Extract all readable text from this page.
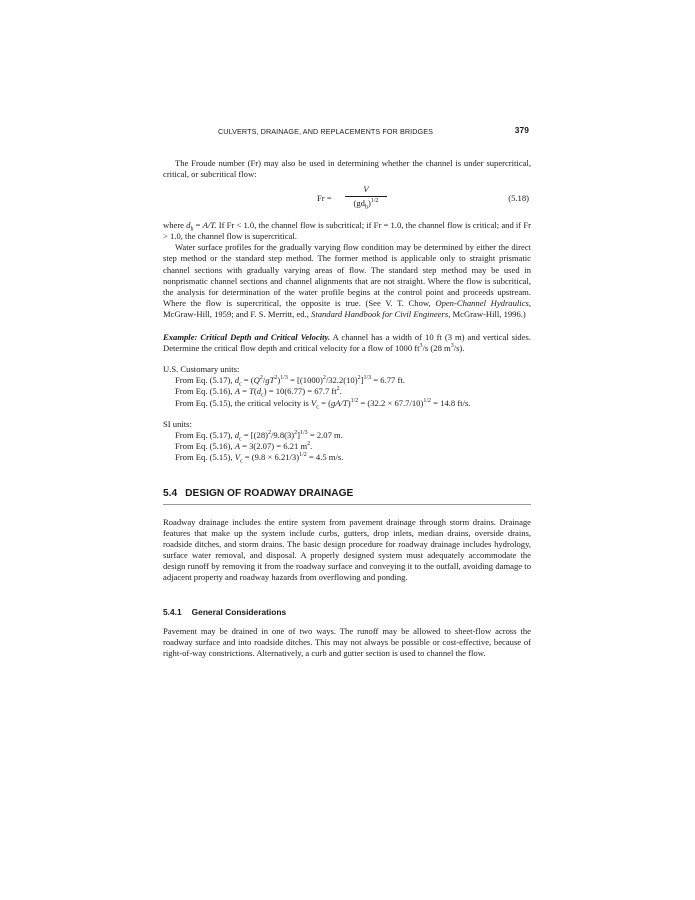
CULVERTS, DRAINAGE, AND REPLACEMENTS FOR BRIDGES	379

The Froude number (Fr) may also be used in determining whether the channel is under supercritical, critical, or subcritical flow:

Fr =
V
$(gd_h)^{1/2}$	(5.18)

where $d_h = A/T$. If Fr < 1.0, the channel flow is subcritical; if Fr = 1.0, the channel flow is critical; and if Fr > 1.0, the channel flow is supercritical.

Water surface profiles for the gradually varying flow condition may be determined by either the direct step method or the standard step method. The former method is applicable only to straight prismatic channel sections with gradually varying areas of flow. The standard step method may be used in nonprismatic channel sections and channel alignments that are not straight. Where the flow is subcritical, the analysis for determination of the water profile begins at the control point and proceeds upstream. Where the flow is supercritical, the opposite is true. (See V. T. Chow, Open-Channel Hydraulics, McGraw-Hill, 1959; and F. S. Merritt, ed., Standard Handbook for Civil Engineers, McGraw-Hill, 1996.)

Example: Critical Depth and Critical Velocity. A channel has a width of 10 ft (3 m) and vertical sides. Determine the critical flow depth and critical velocity for a flow of 1000 $ft^3/s$ (28 $m^3/s$).

U.S. Customary units:

From Eq. (5.17), $d_c = (Q^2/gT^2)^{1/3} = [(1000)^2/32.2(10)^2]^{1/3} = 6.77$ ft.

From Eq. (5.16), $A = T(d_c) = 10(6.77) = 67.7$ $ft^2$.

From Eq. (5.15), the critical velocity is $V_c = (gA/T)^{1/2} = (32.2 \times 67.7/10)^{1/2} = 14.8$ ft/s.

SI units:

From Eq. (5.17), $d_c = [(28)^2/9.8(3)^2]^{1/3} = 2.07$ m.

From Eq. (5.16), A = 3(2.07) = 6.21 $m^2$.

From Eq. (5.15), $V_c = (9.8 \times 6.21/3)^{1/2} = 4.5$ m/s.

5.4 DESIGN OF ROADWAY DRAINAGE

Roadway drainage includes the entire system from pavement drainage through storm drains. Drainage features that make up the system include curbs, gutters, drop inlets, median drains, overside drains, roadside ditches, and storm drains. The basic design procedure for roadway drainage includes hydrology, surface water removal, and disposal. A properly designed system must adequately accommodate the design runoff by removing it from the roadway surface and conveying it to the outfall, avoiding damage to adjacent property and roadway hazards from overflowing and ponding.

5.4.1 General Considerations

Pavement may be drained in one of two ways. The runoff may be allowed to sheet-flow across the roadway surface and into roadside ditches. This may not always be possible or cost-effective, because of right-of-way constrictions. Alternatively, a curb and gutter section is used to channel the flow.
